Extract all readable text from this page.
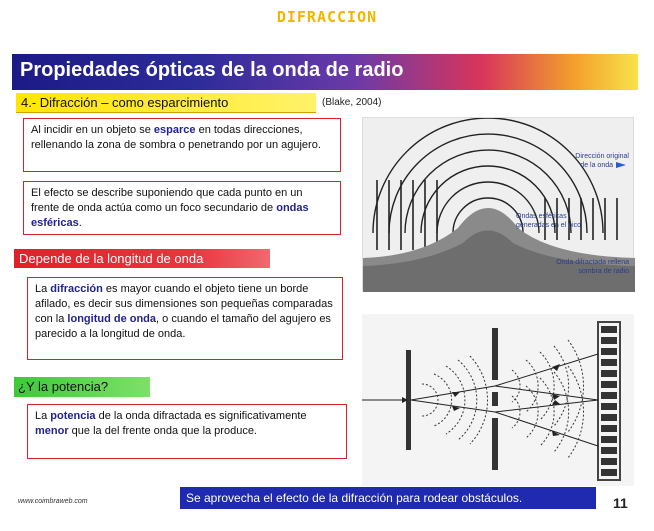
DIFRACCION
Propiedades ópticas de la onda de radio
4.- Difracción – como esparcimiento	(Blake, 2004)
Al incidir en un objeto se esparce en todas direcciones, rellenando la zona de sombra o penetrando por un agujero.
El efecto se describe suponiendo que cada punto en un frente de onda actúa como un foco secundario de ondas esféricas.
Depende de la longitud de onda
La difracción es mayor cuando el objeto tiene un borde afilado, es decir sus dimensiones son pequeñas comparadas con la longitud de onda, o cuando el tamaño del agujero es parecido a la longitud de onda.
¿Y la potencia?
La potencia de la onda difractada es significativamente menor que la del frente onda que la produce.
Dirección original
de la onda
Ondas esféricas
generadas en el pico
Onda difractada rellena
sombra de radio
www.coimbraweb.com	Se aprovecha el efecto de la difracción para rodear obstáculos.	11
